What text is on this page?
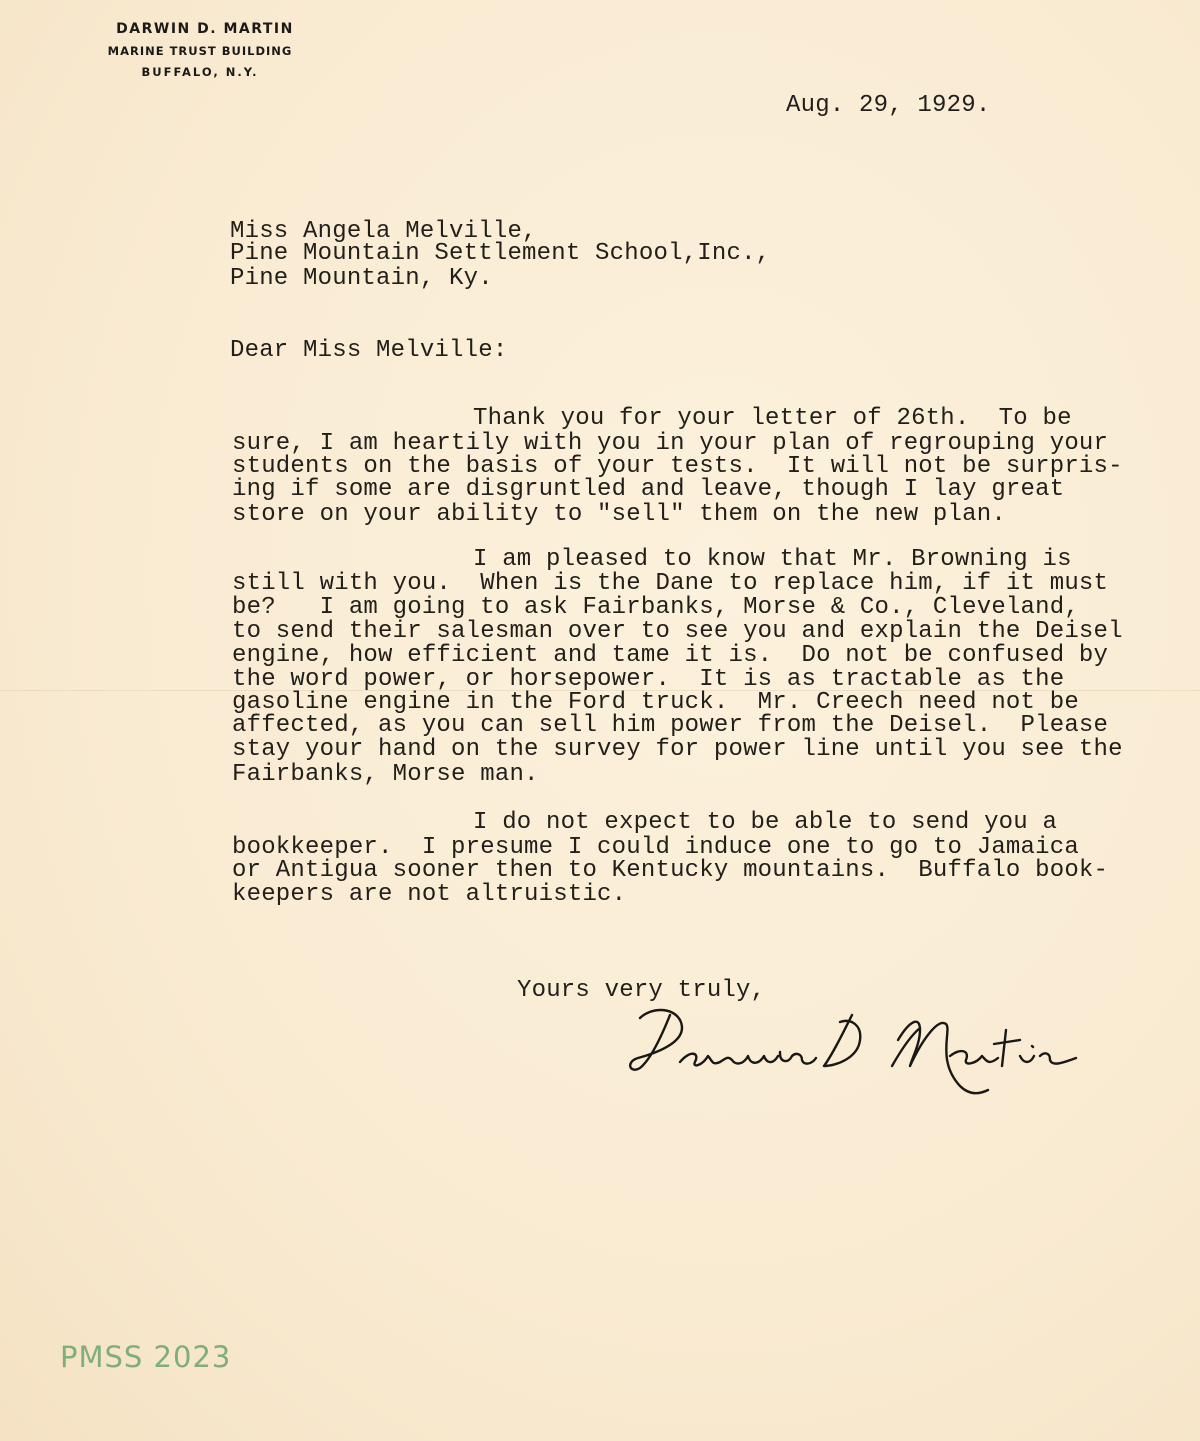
DARWIN D. MARTIN
MARINE TRUST BUILDING
BUFFALO, N.Y.
Aug. 29, 1929.
Miss Angela Melville,
Pine Mountain Settlement School,Inc.,
Pine Mountain, Ky.
Dear Miss Melville:
Thank you for your letter of 26th.  To be
sure, I am heartily with you in your plan of regrouping your
students on the basis of your tests.  It will not be surpris-
ing if some are disgruntled and leave, though I lay great
store on your ability to "sell" them on the new plan.
I am pleased to know that Mr. Browning is
still with you.  When is the Dane to replace him, if it must
be?   I am going to ask Fairbanks, Morse & Co., Cleveland,
to send their salesman over to see you and explain the Deisel
engine, how efficient and tame it is.  Do not be confused by
the word power, or horsepower.  It is as tractable as the
gasoline engine in the Ford truck.  Mr. Creech need not be
affected, as you can sell him power from the Deisel.  Please
stay your hand on the survey for power line until you see the
Fairbanks, Morse man.
I do not expect to be able to send you a
bookkeeper.  I presume I could induce one to go to Jamaica
or Antigua sooner then to Kentucky mountains.  Buffalo book-
keepers are not altruistic.
Yours very truly,
PMSS 2023
